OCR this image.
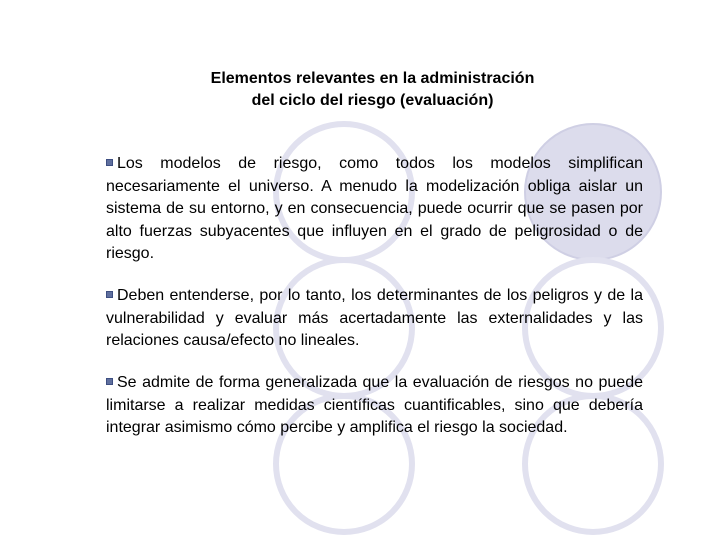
Elementos relevantes en la administración
del ciclo del riesgo (evaluación)

Los modelos de riesgo, como todos los modelos simplifican necesariamente el universo. A menudo la modelización obliga aislar un sistema de su entorno, y en consecuencia, puede ocurrir que se pasen por alto fuerzas subyacentes que influyen en el grado de peligrosidad o de riesgo.

Deben entenderse, por lo tanto, los determinantes de los peligros y de la vulnerabilidad y evaluar más acertadamente las externalidades y las relaciones causa/efecto no lineales.

Se admite de forma generalizada que la evaluación de riesgos no puede limitarse a realizar medidas científicas cuantificables, sino que debería integrar asimismo cómo percibe y amplifica el riesgo la sociedad.
